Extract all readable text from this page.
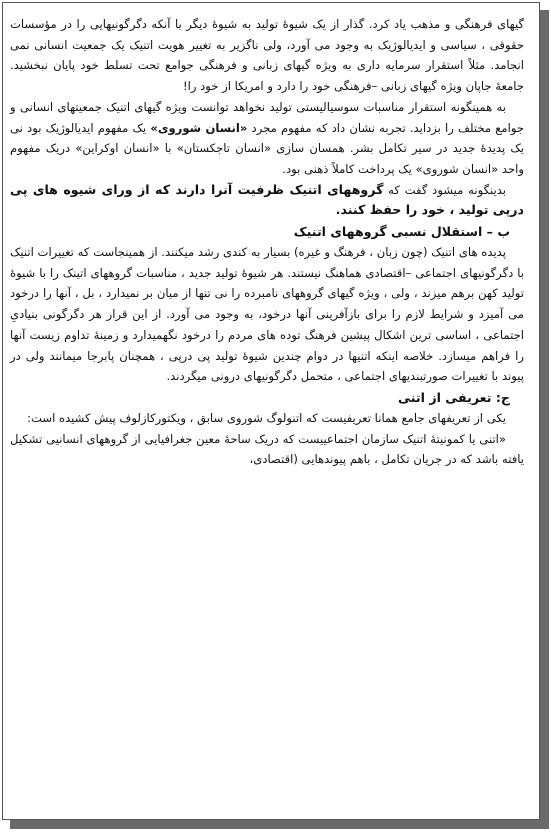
گیهای فرهنگی و مذهب یاد کرد. گذار از یک شیوهٔ تولید به شیوهٔ دیگر با آنکه دگرگونیهایی را در مؤسسات حقوقی ، سیاسی و ایدیالوژیک به وجود می آورد، ولی ناگزیر به تغییر هویت اتنیک یک جمعیت انسانی نمی انجامد. مثلاً استقرار سرمایه داری به ویژه گیهای زبانی و فرهنگی جوامع تحت تسلط خود پایان نبخشید. جامعهٔ جاپان ویژه گیهای زبانی –فرهنگی خود را دارد و امریکا از خود را!

به همینگونه استقرار مناسبات سوسیالیستی تولید نخواهد توانست ویژه گیهای اتنیک جمعیتهای انسانی و جوامع مختلف را بزداید. تجربه نشان داد که مفهوم مجرد «انسان شوروی» یک مفهوم ایدیالوژیک بود نی یک پدیدهٔ جدید در سیر تکامل بشر. همسان سازی «انسان تاجکستان» با «انسان اوکراین» دریک مفهوم واحد «انسان شوروی» یک پرداخت کاملاً ذهنی بود.

بدینگونه میشود گفت که گروههای اتنیک ظرفیت آنرا دارند که از ورای شیوه های پی درپی تولید ، خود را حفظ کنند.

ب – استقلال نسبی گروههای اتنیک

پدیده های اتنیک (چون زبان ، فرهنگ و غیره) بسیار به کندی رشد میکنند. از همینجاست که تغییرات اتنیک با دگرگونیهای اجتماعی –اقتصادی هماهنگ نیستند. هر شیوهٔ تولید جدید ، مناسبات گروههای اتینک را با شیوهٔ تولید کهن برهم میزند ، ولی ، ویژه گیهای گروههای نامبرده را نی تنها از میان بر نمیدارد ، بل ، آنها را درخود می آمیزد و شرایط لازم را برای بازآفرینی آنها درخود، به وجود می آورد. از این قرار هر دگرگونی بنیادیِ اجتماعی ، اساسی ترین اشکال پیشین فرهنگ توده های مردم را درخود نگهمیدارد و زمینهٔ تداوم زیست آنها را فراهم میسازد. خلاصه اینکه اتنیها در دوام چندین شیوهٔ تولید پی درپی ، همچنان پابرجا میمانند ولی در پیوند با تغییرات صورتبندیهای اجتماعی ، متحمل دگرگونیهای درونی میگردند.

ج: تعریفی از اتنی

یکی از تعریفهای جامع همانا تعریفیست که اتنولوگ شوروی سابق ، ویکتورکازلوف پیش کشیده است:

«اتنی یا کمونیتهٔ اتنیک سازمان اجتماعییست که دریک ساحهٔ معین جغرافیایی از گروههای انسانیی تشکیل یافته باشد که در جریان تکامل ، باهم پیوندهایی (اقتصادی،
